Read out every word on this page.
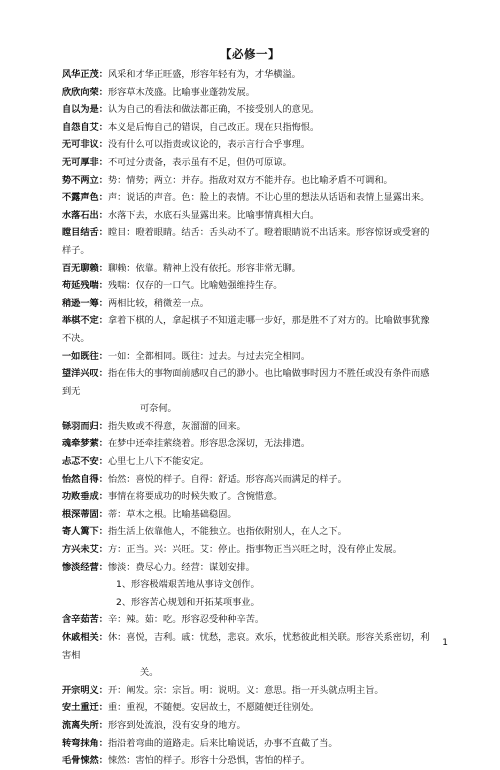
【必修一】
风华正茂：风采和才华正旺盛，形容年轻有为，才华横溢。
欣欣向荣：形容草木茂盛。比喻事业蓬勃发展。
自以为是：认为自己的看法和做法都正确，不接受别人的意见。
自怨自艾：本义是后悔自己的错误，自己改正。现在只指悔恨。
无可非议：没有什么可以指责或议论的，表示言行合乎事理。
无可厚非：不可过分责备，表示虽有不足，但仍可原谅。
势不两立：势：情势；两立：并存。指敌对双方不能并存。也比喻矛盾不可调和。
不露声色：声：说话的声音。色：脸上的表情。不让心里的想法从话语和表情上显露出来。
水落石出：水落下去，水底石头显露出来。比喻事情真相大白。
瞠目结舌：瞠目：瞪着眼睛。结舌：舌头动不了。瞪着眼睛说不出话来。形容惊讶或受窘的
样子。
百无聊赖：聊赖：依靠。精神上没有依托。形容非常无聊。
苟延残喘：残喘：仅存的一口气。比喻勉强维持生存。
稍逊一筹：两相比较，稍微差一点。
举棋不定：拿着下棋的人，拿起棋子不知道走哪一步好，那是胜不了对方的。比喻做事犹豫
不决。
一如既往：一如：全都相同。既往：过去。与过去完全相同。
望洋兴叹：指在伟大的事物面前感叹自己的渺小。也比喻做事时因力不胜任或没有条件而感
到无
可奈何。
铩羽而归：指失败或不得意，灰溜溜的回来。
魂牵梦萦：在梦中还牵挂萦绕着。形容思念深切，无法排遣。
忐忑不安：心里七上八下不能安定。
怡然自得：怡然：喜悦的样子。自得：舒适。形容高兴而满足的样子。
功败垂成：事情在将要成功的时候失败了。含惋惜意。
根深蒂固：蒂：草木之根。比喻基础稳固。
寄人篱下：指生活上依靠他人，不能独立。也指依附别人，在人之下。
方兴未艾：方：正当。兴：兴旺。艾：停止。指事物正当兴旺之时，没有停止发展。
惨淡经营：惨淡：费尽心力。经营：谋划安排。
1、形容极端艰苦地从事诗文创作。
2、形容苦心规划和开拓某项事业。
含辛茹苦：辛：辣。茹：吃。形容忍受种种辛苦。
休戚相关：休：喜悦，吉利。戚：忧愁，悲哀。欢乐，忧愁彼此相关联。形容关系密切，利
害相
关。
开宗明义：开：阐发。宗：宗旨。明：说明。义：意思。指一开头就点明主旨。
安土重迁：重：重视，不随便。安居故土，不愿随便迁往别处。
流离失所：形容到处流浪，没有安身的地方。
转弯抹角：指沿着弯曲的道路走。后来比喻说话，办事不直截了当。
毛骨悚然：悚然：害怕的样子。形容十分恐惧，害怕的样子。
1
